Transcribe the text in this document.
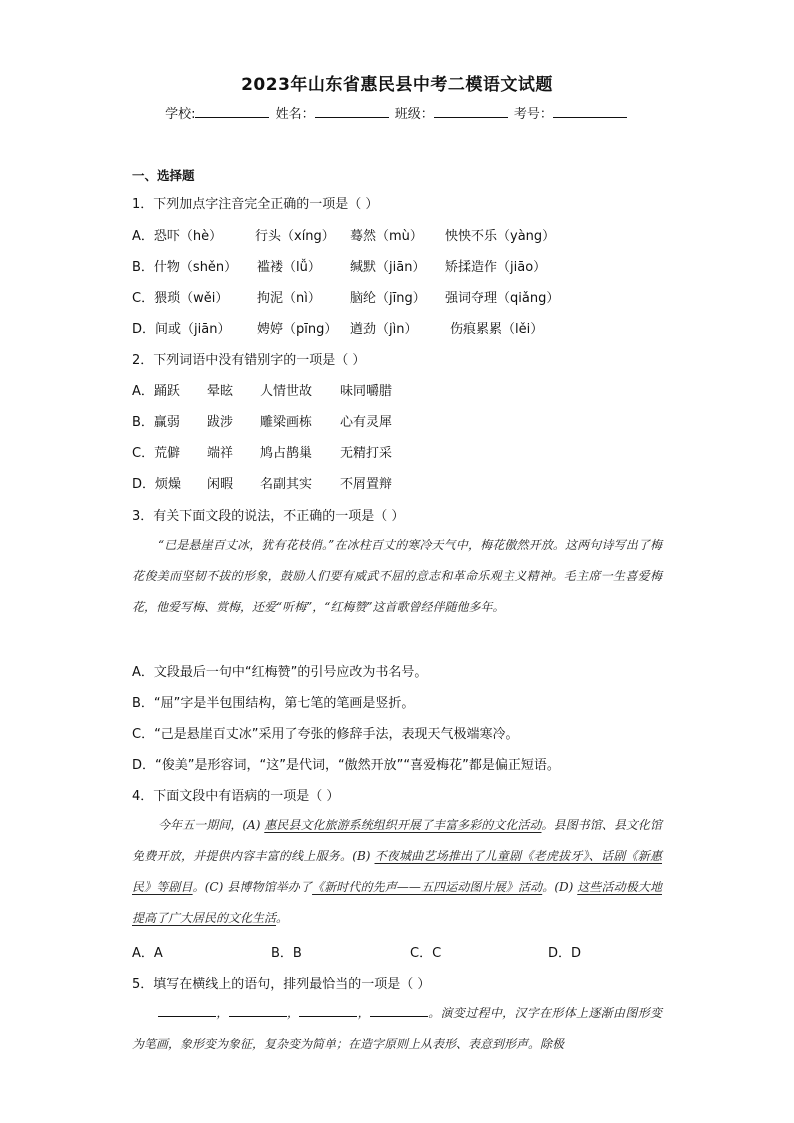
2023年山东省惠民县中考二模语文试题
学校:	姓名：	班级：	考号：
一、选择题
1．下列加点字注音完全正确的一项是（ ）
A．恐吓（hè）	行头（xíng） 蓦然（mù） 怏怏不乐（yàng）
B．什物（shěn） 褴褛（lǚ） 缄默（jiān） 矫揉造作（jiāo）
C．猥琐（wěi） 拘泥（nì） 脑纶（jīng） 强词夺理（qiǎng）
D．间或（jiān） 娉婷（pīng） 遒劲（jìn）	伤痕累累（lěi）
2．下列词语中没有错别字的一项是（ ）
A．踊跃 晕眩 人情世故 味同嚼腊
B．赢弱 跋涉 雕梁画栋 心有灵犀
C．荒僻 端祥 鸠占鹊巢 无精打采
D．烦燥 闲暇 名副其实 不屑置辩
3．有关下面文段的说法，不正确的一项是（ ）

“已是悬崖百丈冰，犹有花枝俏。”在冰柱百丈的寒冷天气中，梅花傲然开放。这两句诗写出了梅花俊美而坚韧不拔的形象，鼓励人们要有威武不屈的意志和革命乐观主义精神。毛主席一生喜爱梅花，他爱写梅、赏梅，还爱“听梅”，“红梅赞”这首歌曾经伴随他多年。

A．文段最后一句中“红梅赞”的引号应改为书名号。
B．“屈”字是半包围结构，第七笔的笔画是竖折。
C．“己是悬崖百丈冰”采用了夸张的修辞手法，表现天气极端寒冷。
D．“俊美”是形容词，“这”是代词，“傲然开放”“喜爱梅花”都是偏正短语。
4．下面文段中有语病的一项是（ ）

今年五一期间，(A) 惠民县文化旅游系统组织开展了丰富多彩的文化活动。县图书馆、县文化馆免费开放，并提供内容丰富的线上服务。(B) 不夜城曲艺场推出了儿童剧《老虎拔牙》、话剧《新惠民》等剧目。(C) 县博物馆举办了《新时代的先声——五四运动图片展》活动。(D) 这些活动极大地提高了广大居民的文化生活。

A．A	B．B	C．C	D．D
5．填写在横线上的语句，排列最恰当的一项是（ ）

，	，	，	。演变过程中，汉字在形体上逐渐由图形变为笔画，象形变为象征，复杂变为简单；在造字原则上从表形、表意到形声。除极
